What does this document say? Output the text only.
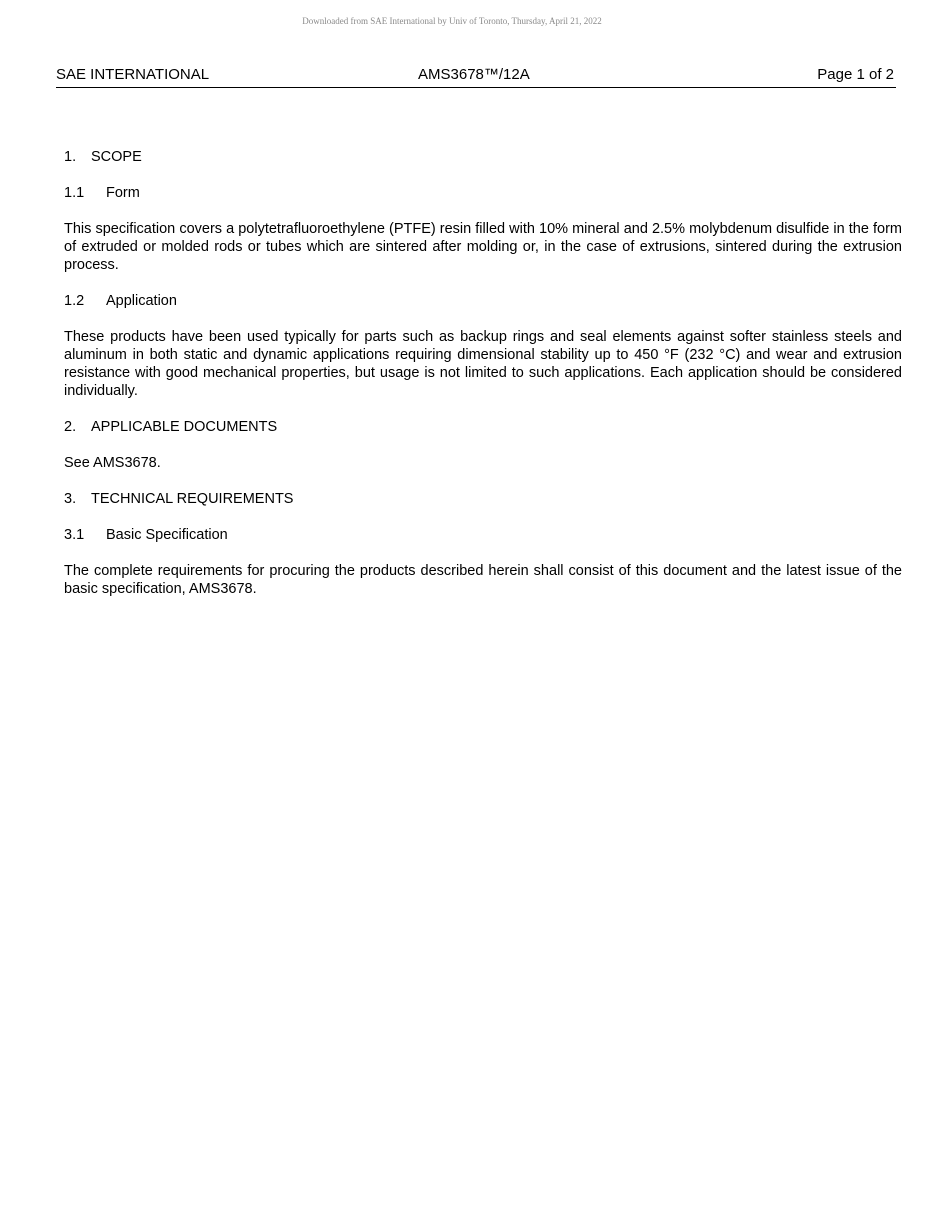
Downloaded from SAE International by Univ of Toronto, Thursday, April 21, 2022
SAE INTERNATIONAL	AMS3678™/12A	Page 1 of 2
1. SCOPE
1.1 Form

This specification covers a polytetrafluoroethylene (PTFE) resin filled with 10% mineral and 2.5% molybdenum disulfide in the form of extruded or molded rods or tubes which are sintered after molding or, in the case of extrusions, sintered during the extrusion process.

1.2 Application

These products have been used typically for parts such as backup rings and seal elements against softer stainless steels and aluminum in both static and dynamic applications requiring dimensional stability up to 450 °F (232 °C) and wear and extrusion resistance with good mechanical properties, but usage is not limited to such applications. Each application should be considered individually.

2. APPLICABLE DOCUMENTS

See AMS3678.

3. TECHNICAL REQUIREMENTS
3.1 Basic Specification

The complete requirements for procuring the products described herein shall consist of this document and the latest issue of the basic specification, AMS3678.
